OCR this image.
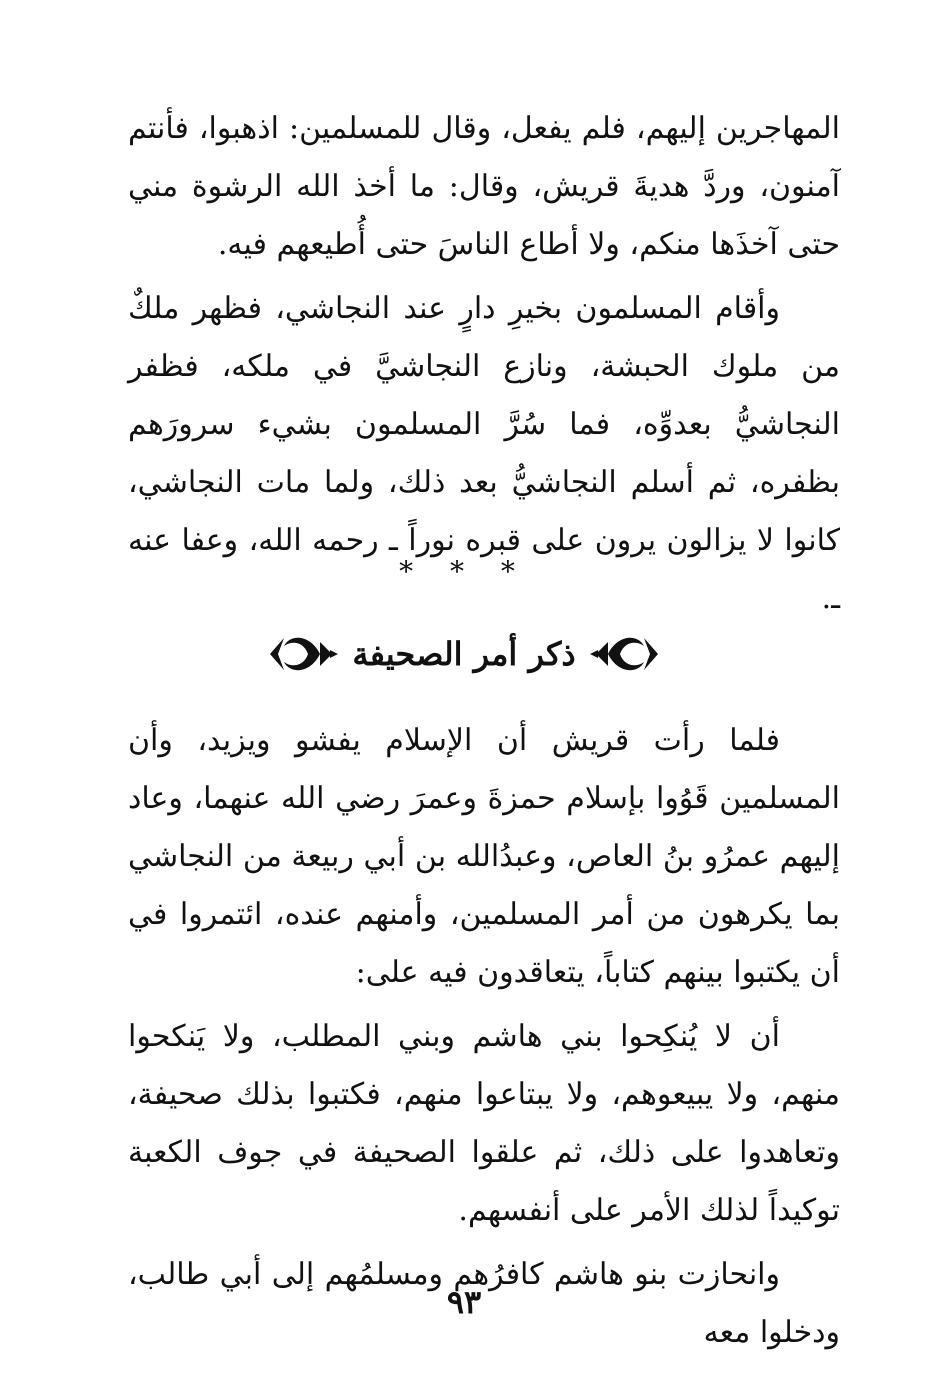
المهاجرين إليهم، فلم يفعل، وقال للمسلمين: اذهبوا، فأنتم آمنون، وردَّ هديةَ قريش، وقال: ما أخذ الله الرشوة مني حتى آخذَها منكم، ولا أطاع الناسَ حتى أُطيعهم فيه.

وأقام المسلمون بخيرِ دارٍ عند النجاشي، فظهر ملكٌ من ملوك الحبشة، ونازع النجاشيَّ في ملكه، فظفر النجاشيُّ بعدوِّه، فما سُرَّ المسلمون بشيء سرورَهم بظفره، ثم أسلم النجاشيُّ بعد ذلك، ولما مات النجاشي، كانوا لا يزالون يرون على قبره نوراً ـ رحمه الله، وعفا عنه ـ.

* * *
ذكر أمر الصحيفة

فلما رأت قريش أن الإسلام يفشو ويزيد، وأن المسلمين قَوُوا بإسلام حمزةَ وعمرَ رضي الله عنهما، وعاد إليهم عمرُو بنُ العاص، وعبدُالله بن أبي ربيعة من النجاشي بما يكرهون من أمر المسلمين، وأمنهم عنده، ائتمروا في أن يكتبوا بينهم كتاباً، يتعاقدون فيه على:

أن لا يُنكِحوا بني هاشم وبني المطلب، ولا يَنكحوا منهم، ولا يبيعوهم، ولا يبتاعوا منهم، فكتبوا بذلك صحيفة، وتعاهدوا على ذلك، ثم علقوا الصحيفة في جوف الكعبة توكيداً لذلك الأمر على أنفسهم.

وانحازت بنو هاشم كافرُهم ومسلمُهم إلى أبي طالب، ودخلوا معه

٩٣
